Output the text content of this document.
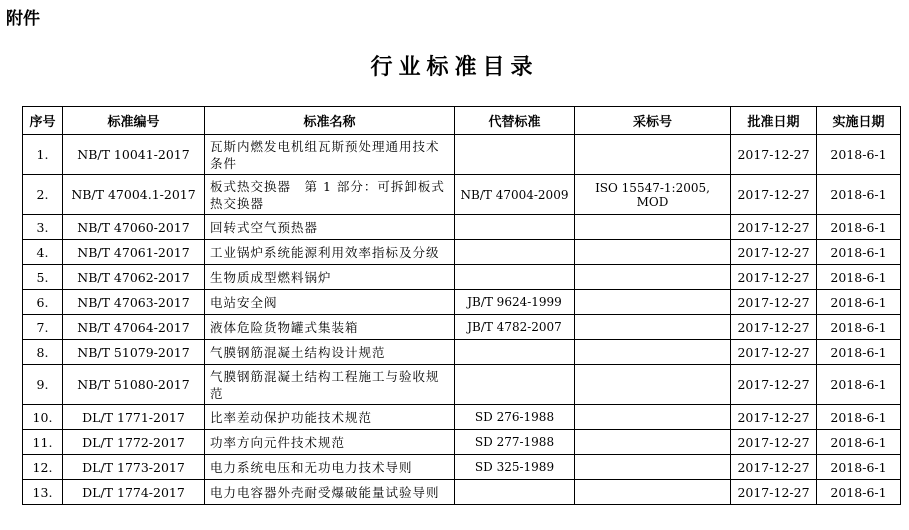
附件
行业标准目录
序号	标准编号	标准名称	代替标准	采标号	批准日期	实施日期
1.	NB/T 10041-2017	瓦斯内燃发电机组瓦斯预处理通用技术条件			2017-12-27	2018-6-1
2.	NB/T 47004.1-2017	板式热交换器　第 1 部分：可拆卸板式热交换器	NB/T 47004-2009	ISO 15547-1:2005, MOD	2017-12-27	2018-6-1
3.	NB/T 47060-2017	回转式空气预热器			2017-12-27	2018-6-1
4.	NB/T 47061-2017	工业锅炉系统能源利用效率指标及分级			2017-12-27	2018-6-1
5.	NB/T 47062-2017	生物质成型燃料锅炉			2017-12-27	2018-6-1
6.	NB/T 47063-2017	电站安全阀	JB/T 9624-1999		2017-12-27	2018-6-1
7.	NB/T 47064-2017	液体危险货物罐式集装箱	JB/T 4782-2007		2017-12-27	2018-6-1
8.	NB/T 51079-2017	气膜钢筋混凝土结构设计规范			2017-12-27	2018-6-1
9.	NB/T 51080-2017	气膜钢筋混凝土结构工程施工与验收规范			2017-12-27	2018-6-1
10.	DL/T 1771-2017	比率差动保护功能技术规范	SD 276-1988		2017-12-27	2018-6-1
11.	DL/T 1772-2017	功率方向元件技术规范	SD 277-1988		2017-12-27	2018-6-1
12.	DL/T 1773-2017	电力系统电压和无功电力技术导则	SD 325-1989		2017-12-27	2018-6-1
13.	DL/T 1774-2017	电力电容器外壳耐受爆破能量试验导则			2017-12-27	2018-6-1
